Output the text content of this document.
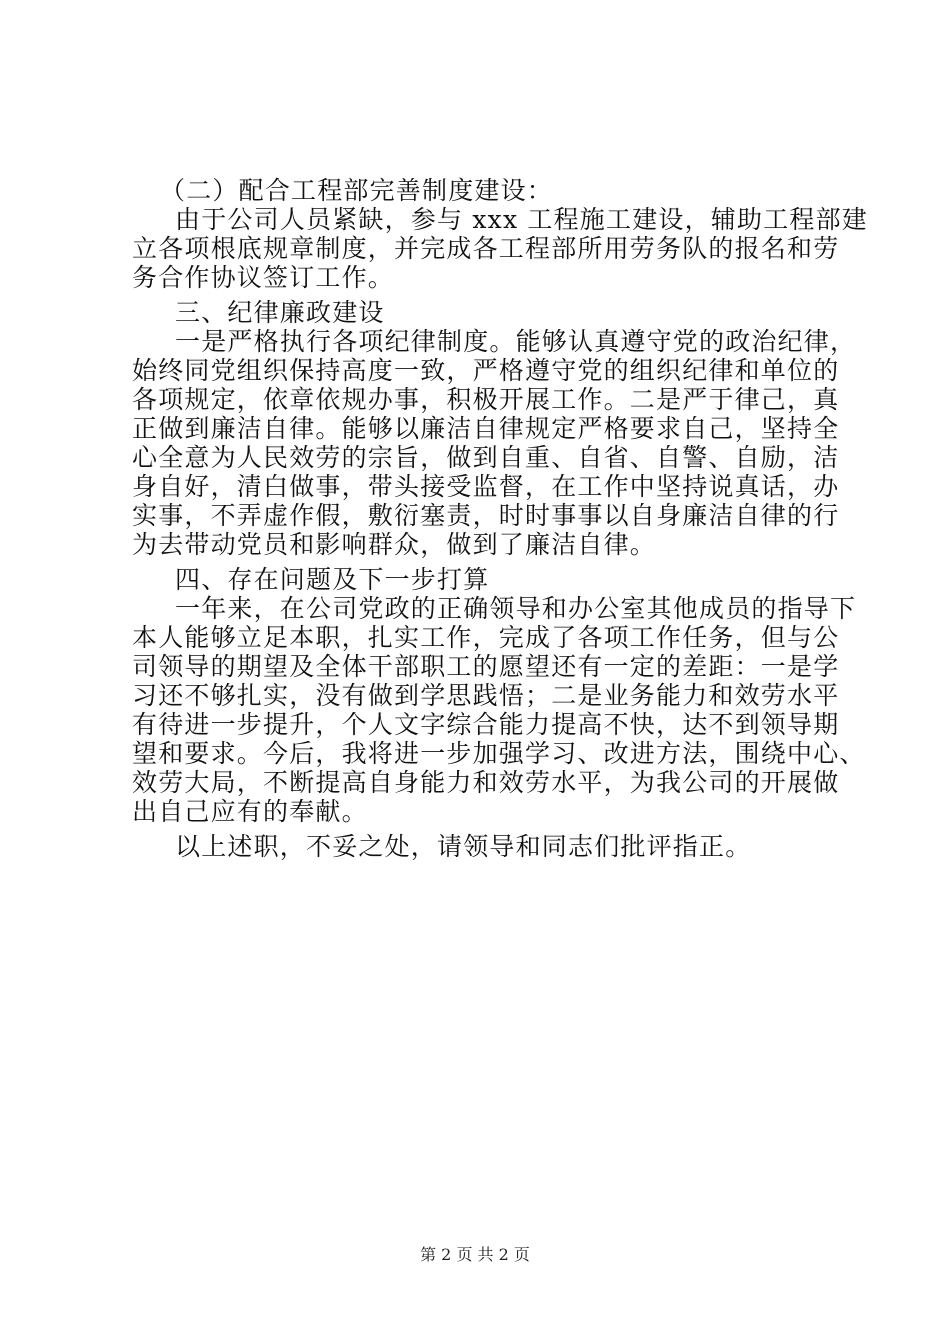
（二）配合工程部完善制度建设：
由于公司人员紧缺，参与 xxx 工程施工建设，辅助工程部建
立各项根底规章制度，并完成各工程部所用劳务队的报名和劳
务合作协议签订工作。
三、纪律廉政建设
一是严格执行各项纪律制度。能够认真遵守党的政治纪律，
始终同党组织保持高度一致，严格遵守党的组织纪律和单位的
各项规定，依章依规办事，积极开展工作。二是严于律己，真
正做到廉洁自律。能够以廉洁自律规定严格要求自己，坚持全
心全意为人民效劳的宗旨，做到自重、自省、自警、自励，洁
身自好，清白做事，带头接受监督，在工作中坚持说真话，办
实事，不弄虚作假，敷衍塞责，时时事事以自身廉洁自律的行
为去带动党员和影响群众，做到了廉洁自律。
四、存在问题及下一步打算
一年来，在公司党政的正确领导和办公室其他成员的指导下
本人能够立足本职，扎实工作，完成了各项工作任务，但与公
司领导的期望及全体干部职工的愿望还有一定的差距：一是学
习还不够扎实，没有做到学思践悟；二是业务能力和效劳水平
有待进一步提升，个人文字综合能力提高不快，达不到领导期
望和要求。今后，我将进一步加强学习、改进方法，围绕中心、
效劳大局，不断提高自身能力和效劳水平，为我公司的开展做
出自己应有的奉献。
以上述职，不妥之处，请领导和同志们批评指正。
第 2 页 共 2 页
